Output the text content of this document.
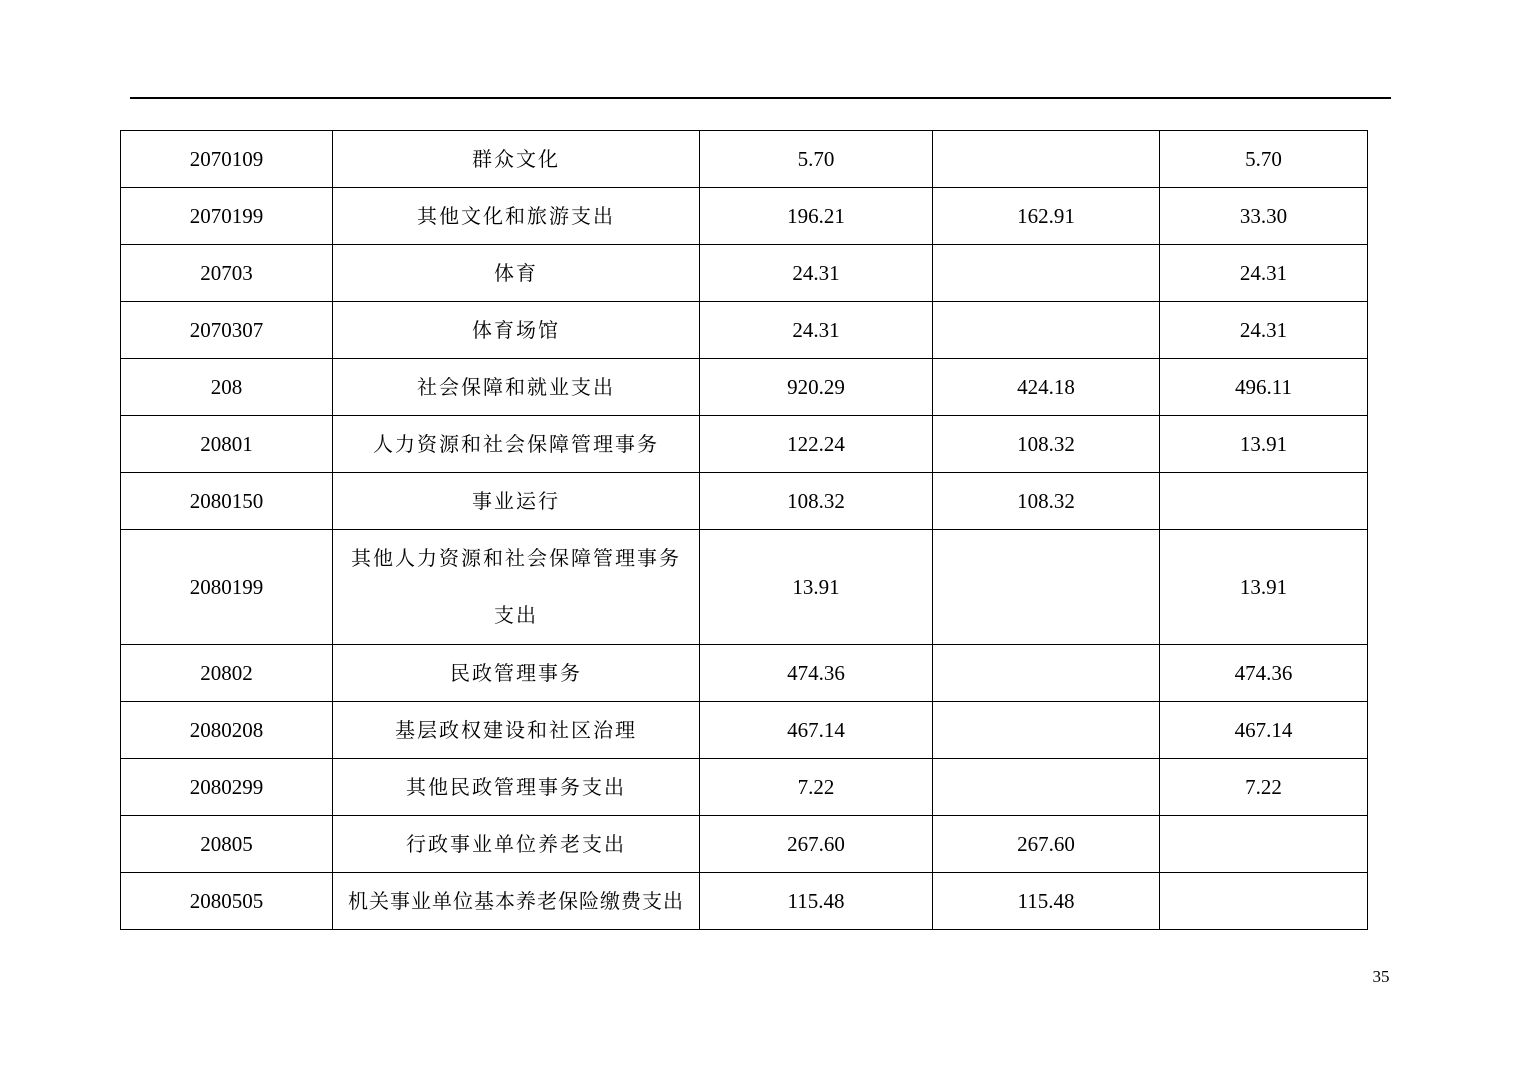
2070109	群众文化	5.70		5.70
2070199	其他文化和旅游支出	196.21	162.91	33.30
20703	体育	24.31		24.31
2070307	体育场馆	24.31		24.31
208	社会保障和就业支出	920.29	424.18	496.11
20801	人力资源和社会保障管理事务	122.24	108.32	13.91
2080150	事业运行	108.32	108.32	
2080199	其他人力资源和社会保障管理事务支出	13.91		13.91
20802	民政管理事务	474.36		474.36
2080208	基层政权建设和社区治理	467.14		467.14
2080299	其他民政管理事务支出	7.22		7.22
20805	行政事业单位养老支出	267.60	267.60	
2080505	机关事业单位基本养老保险缴费支出	115.48	115.48	
35
